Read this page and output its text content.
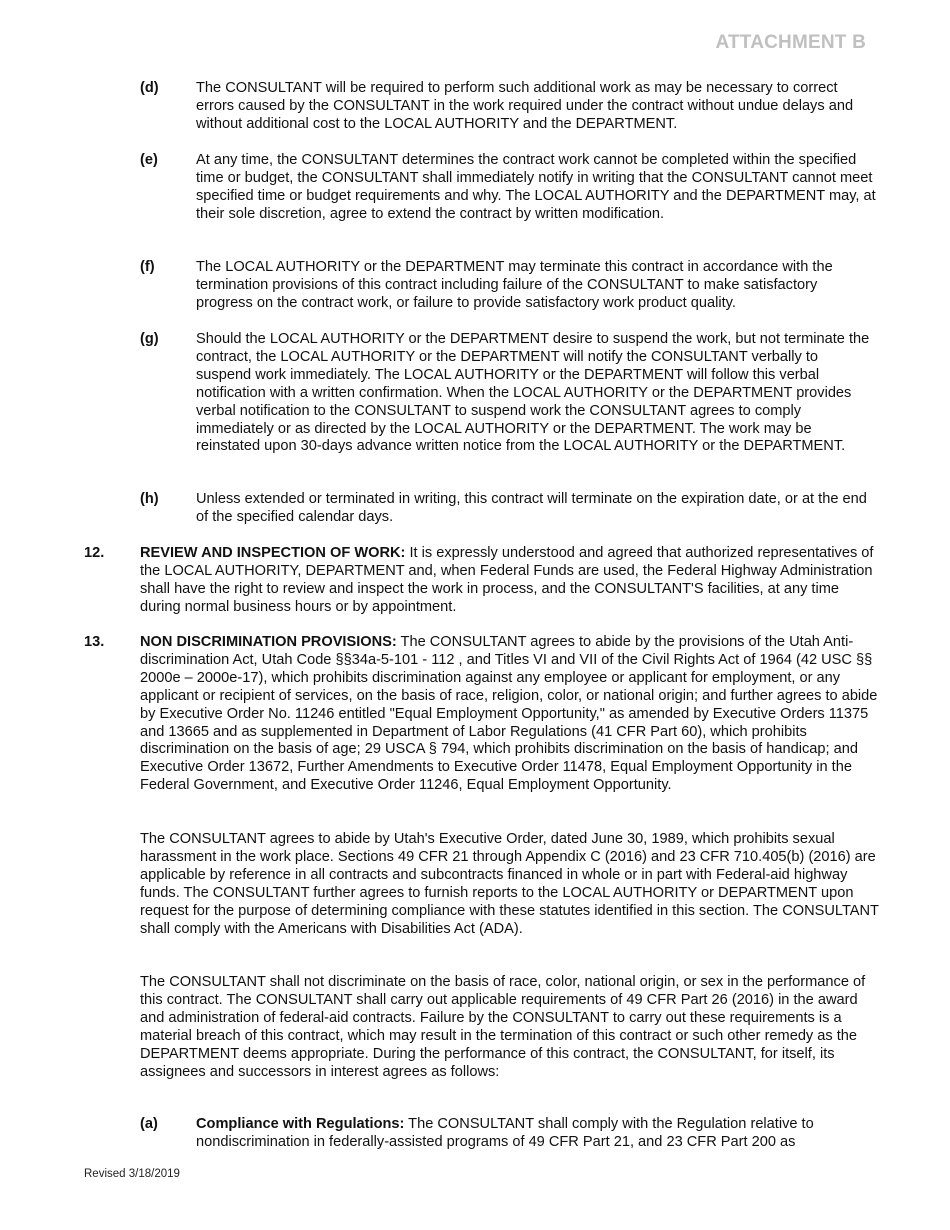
ATTACHMENT B
(d)	The CONSULTANT will be required to perform such additional work as may be necessary to correct errors caused by the CONSULTANT in the work required under the contract without undue delays and without additional cost to the LOCAL AUTHORITY and the DEPARTMENT.
(e)	At any time, the CONSULTANT determines the contract work cannot be completed within the specified time or budget, the CONSULTANT shall immediately notify in writing that the CONSULTANT cannot meet specified time or budget requirements and why. The LOCAL AUTHORITY and the DEPARTMENT may, at their sole discretion, agree to extend the contract by written modification.
(f)	The LOCAL AUTHORITY or the DEPARTMENT may terminate this contract in accordance with the termination provisions of this contract including failure of the CONSULTANT to make satisfactory progress on the contract work, or failure to provide satisfactory work product quality.
(g)	Should the LOCAL AUTHORITY or the DEPARTMENT desire to suspend the work, but not terminate the contract, the LOCAL AUTHORITY or the DEPARTMENT will notify the CONSULTANT verbally to suspend work immediately. The LOCAL AUTHORITY or the DEPARTMENT will follow this verbal notification with a written confirmation. When the LOCAL AUTHORITY or the DEPARTMENT provides verbal notification to the CONSULTANT to suspend work the CONSULTANT agrees to comply immediately or as directed by the LOCAL AUTHORITY or the DEPARTMENT. The work may be reinstated upon 30-days advance written notice from the LOCAL AUTHORITY or the DEPARTMENT.
(h)	Unless extended or terminated in writing, this contract will terminate on the expiration date, or at the end of the specified calendar days.
12. REVIEW AND INSPECTION OF WORK: It is expressly understood and agreed that authorized representatives of the LOCAL AUTHORITY, DEPARTMENT and, when Federal Funds are used, the Federal Highway Administration shall have the right to review and inspect the work in process, and the CONSULTANT'S facilities, at any time during normal business hours or by appointment.
13. NON DISCRIMINATION PROVISIONS: The CONSULTANT agrees to abide by the provisions of the Utah Anti-discrimination Act, Utah Code §§34a-5-101 - 112 , and Titles VI and VII of the Civil Rights Act of 1964 (42 USC §§ 2000e – 2000e-17), which prohibits discrimination against any employee or applicant for employment, or any applicant or recipient of services, on the basis of race, religion, color, or national origin; and further agrees to abide by Executive Order No. 11246 entitled "Equal Employment Opportunity," as amended by Executive Orders 11375 and 13665 and as supplemented in Department of Labor Regulations (41 CFR Part 60), which prohibits discrimination on the basis of age; 29 USCA § 794, which prohibits discrimination on the basis of handicap; and Executive Order 13672, Further Amendments to Executive Order 11478, Equal Employment Opportunity in the Federal Government, and Executive Order 11246, Equal Employment Opportunity.
The CONSULTANT agrees to abide by Utah's Executive Order, dated June 30, 1989, which prohibits sexual harassment in the work place. Sections 49 CFR 21 through Appendix C (2016) and 23 CFR 710.405(b) (2016) are applicable by reference in all contracts and subcontracts financed in whole or in part with Federal-aid highway funds. The CONSULTANT further agrees to furnish reports to the LOCAL AUTHORITY or DEPARTMENT upon request for the purpose of determining compliance with these statutes identified in this section. The CONSULTANT shall comply with the Americans with Disabilities Act (ADA).
The CONSULTANT shall not discriminate on the basis of race, color, national origin, or sex in the performance of this contract. The CONSULTANT shall carry out applicable requirements of 49 CFR Part 26 (2016) in the award and administration of federal-aid contracts. Failure by the CONSULTANT to carry out these requirements is a material breach of this contract, which may result in the termination of this contract or such other remedy as the DEPARTMENT deems appropriate. During the performance of this contract, the CONSULTANT, for itself, its assignees and successors in interest agrees as follows:
(a)	Compliance with Regulations: The CONSULTANT shall comply with the Regulation relative to nondiscrimination in federally-assisted programs of 49 CFR Part 21, and 23 CFR Part 200 as
Revised 3/18/2019
